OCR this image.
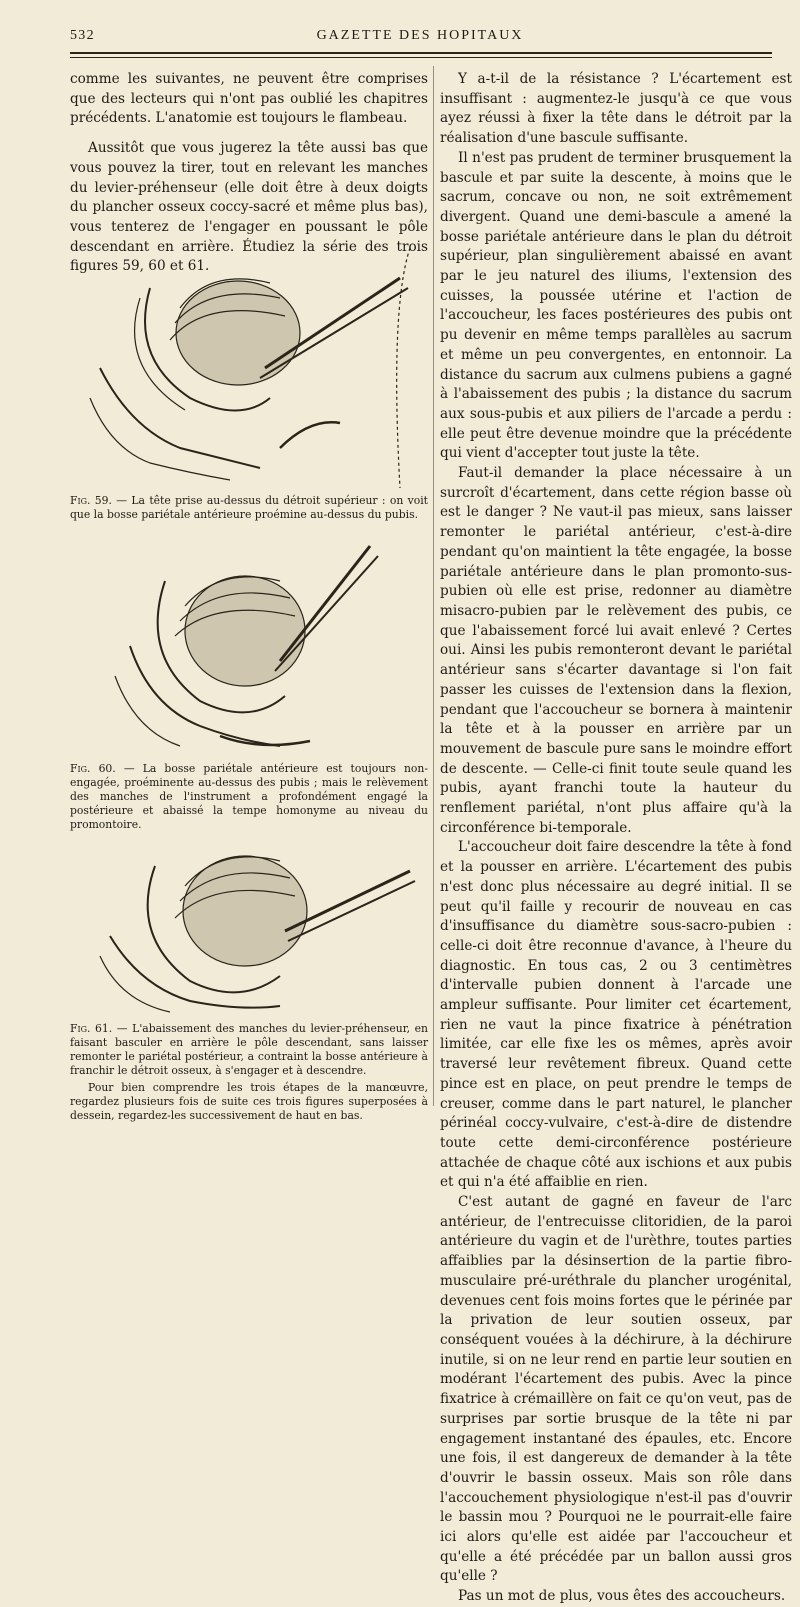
532	GAZETTE DES HOPITAUX

comme les suivantes, ne peuvent être comprises que des lecteurs qui n'ont pas oublié les chapitres précédents. L'anatomie est toujours le flambeau.

Aussitôt que vous jugerez la tête aussi bas que vous pouvez la tirer, tout en relevant les manches du levier-préhenseur (elle doit être à deux doigts du plancher osseux coccy-sacré et même plus bas), vous tenterez de l'engager en poussant le pôle descendant en arrière. Étudiez la série des trois figures 59, 60 et 61.

Fig. 59. — La tête prise au-dessus du détroit supérieur : on voit que la bosse pariétale antérieure proémine au-dessus du pubis.

Fig. 60. — La bosse pariétale antérieure est toujours non-engagée, proéminente au-dessus des pubis ; mais le relèvement des manches de l'instrument a profondément engagé la postérieure et abaissé la tempe homonyme au niveau du promontoire.

Fig. 61. — L'abaissement des manches du levier-préhenseur, en faisant basculer en arrière le pôle descendant, sans laisser remonter le pariétal postérieur, a contraint la bosse antérieure à franchir le détroit osseux, à s'engager et à descendre.

Pour bien comprendre les trois étapes de la manœuvre, regardez plusieurs fois de suite ces trois figures superposées à dessein, regardez-les successivement de haut en bas.

Y a-t-il de la résistance ? L'écartement est insuffisant : augmentez-le jusqu'à ce que vous ayez réussi à fixer la tête dans le détroit par la réalisation d'une bascule suffisante.

Il n'est pas prudent de terminer brusquement la bascule et par suite la descente, à moins que le sacrum, concave ou non, ne soit extrêmement divergent. Quand une demi-bascule a amené la bosse pariétale antérieure dans le plan du détroit supérieur, plan singulièrement abaissé en avant par le jeu naturel des iliums, l'extension des cuisses, la poussée utérine et l'action de l'accoucheur, les faces postérieures des pubis ont pu devenir en même temps parallèles au sacrum et même un peu convergentes, en entonnoir. La distance du sacrum aux culmens pubiens a gagné à l'abaissement des pubis ; la distance du sacrum aux sous-pubis et aux piliers de l'arcade a perdu : elle peut être devenue moindre que la précédente qui vient d'accepter tout juste la tête.

Faut-il demander la place nécessaire à un surcroît d'écartement, dans cette région basse où est le danger ? Ne vaut-il pas mieux, sans laisser remonter le pariétal antérieur, c'est-à-dire pendant qu'on maintient la tête engagée, la bosse pariétale antérieure dans le plan promonto-sus-pubien où elle est prise, redonner au diamètre misacro-pubien par le relèvement des pubis, ce que l'abaissement forcé lui avait enlevé ? Certes oui. Ainsi les pubis remonteront devant le pariétal antérieur sans s'écarter davantage si l'on fait passer les cuisses de l'extension dans la flexion, pendant que l'accoucheur se bornera à maintenir la tête et à la pousser en arrière par un mouvement de bascule pure sans le moindre effort de descente. — Celle-ci finit toute seule quand les pubis, ayant franchi toute la hauteur du renflement pariétal, n'ont plus affaire qu'à la circonférence bi-temporale.

L'accoucheur doit faire descendre la tête à fond et la pousser en arrière. L'écartement des pubis n'est donc plus nécessaire au degré initial. Il se peut qu'il faille y recourir de nouveau en cas d'insuffisance du diamètre sous-sacro-pubien : celle-ci doit être reconnue d'avance, à l'heure du diagnostic. En tous cas, 2 ou 3 centimètres d'intervalle pubien donnent à l'arcade une ampleur suffisante. Pour limiter cet écartement, rien ne vaut la pince fixatrice à pénétration limitée, car elle fixe les os mêmes, après avoir traversé leur revêtement fibreux. Quand cette pince est en place, on peut prendre le temps de creuser, comme dans le part naturel, le plancher périnéal coccy-vulvaire, c'est-à-dire de distendre toute cette demi-circonférence postérieure attachée de chaque côté aux ischions et aux pubis et qui n'a été affaiblie en rien.

C'est autant de gagné en faveur de l'arc antérieur, de l'entrecuisse clitoridien, de la paroi antérieure du vagin et de l'urèthre, toutes parties affaiblies par la désinsertion de la partie fibro-musculaire pré-uréthrale du plancher urogénital, devenues cent fois moins fortes que le périnée par la privation de leur soutien osseux, par conséquent vouées à la déchirure, à la déchirure inutile, si on ne leur rend en partie leur soutien en modérant l'écartement des pubis. Avec la pince fixatrice à crémaillère on fait ce qu'on veut, pas de surprises par sortie brusque de la tête ni par engagement instantané des épaules, etc. Encore une fois, il est dangereux de demander à la tête d'ouvrir le bassin osseux. Mais son rôle dans l'accouchement physiologique n'est-il pas d'ouvrir le bassin mou ? Pourquoi ne le pourrait-elle faire ici alors qu'elle est aidée par l'accoucheur et qu'elle a été précédée par un ballon aussi gros qu'elle ?

Pas un mot de plus, vous êtes des accoucheurs.
